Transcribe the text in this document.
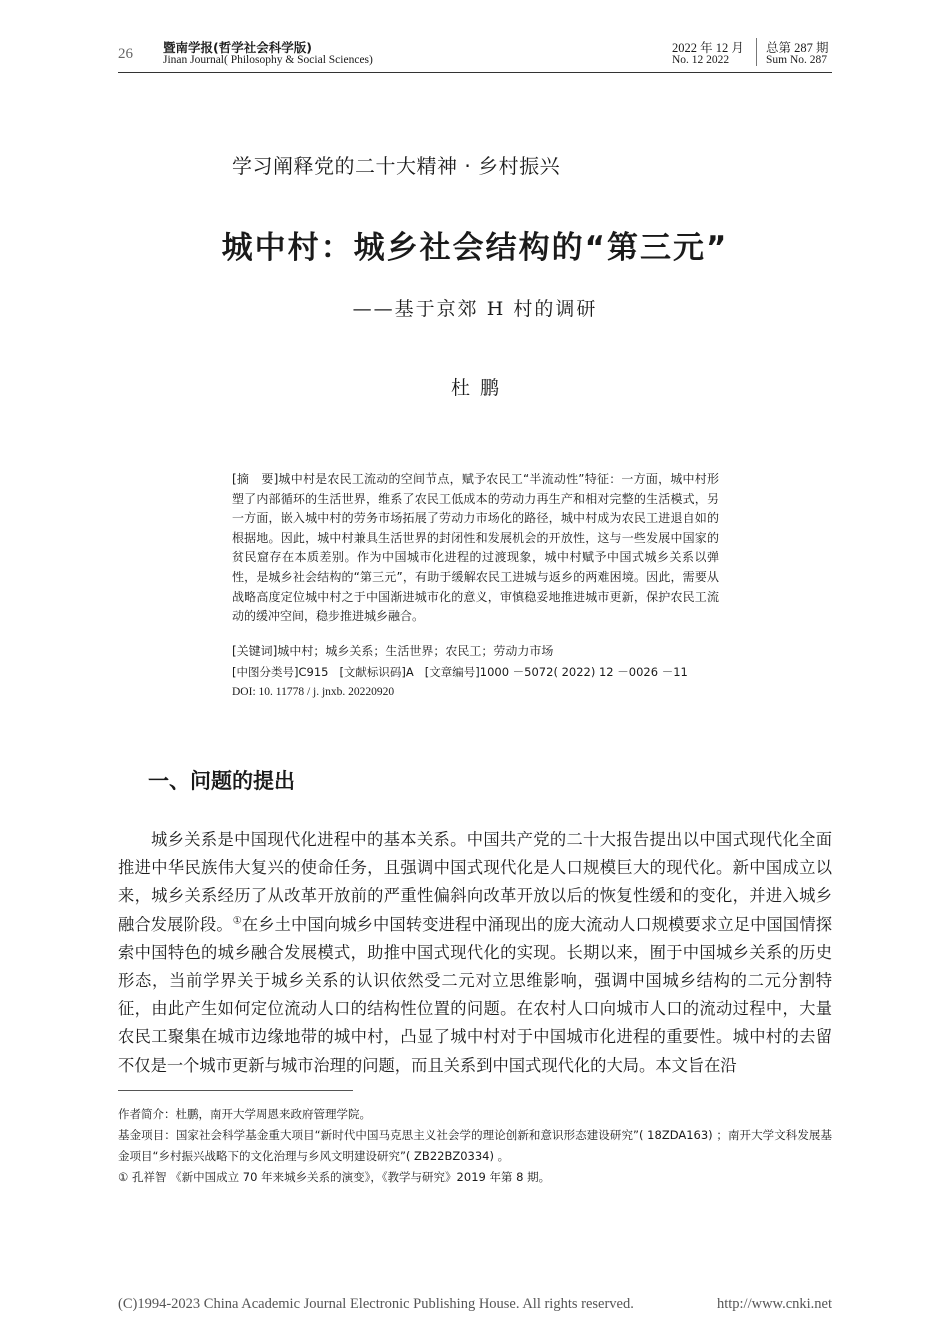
26 暨南学报(哲学社会科学版)
Jinan Journal( Philosophy & Social Sciences)
2022 年 12 月
No. 12 2022
总第 287 期
Sum No. 287
学习阐释党的二十大精神 · 乡村振兴
城中村：城乡社会结构的“第三元”
——基于京郊 H 村的调研
杜鹏
[摘　要]城中村是农民工流动的空间节点，赋予农民工“半流动性”特征：一方面，城中村形塑了内部循环的生活世界，维系了农民工低成本的劳动力再生产和相对完整的生活模式，另一方面，嵌入城中村的劳务市场拓展了劳动力市场化的路径，城中村成为农民工进退自如的根据地。因此，城中村兼具生活世界的封闭性和发展机会的开放性，这与一些发展中国家的贫民窟存在本质差别。作为中国城市化进程的过渡现象，城中村赋予中国式城乡关系以弹性，是城乡社会结构的“第三元”，有助于缓解农民工进城与返乡的两难困境。因此，需要从战略高度定位城中村之于中国渐进城市化的意义，审慎稳妥地推进城市更新，保护农民工流动的缓冲空间，稳步推进城乡融合。
[关键词]城中村；城乡关系；生活世界；农民工；劳动力市场
[中图分类号]C915 [文献标识码]A [文章编号]1000 －5072( 2022) 12 －0026 －11
DOI: 10. 11778 / j. jnxb. 20220920
一、问题的提出
城乡关系是中国现代化进程中的基本关系。中国共产党的二十大报告提出以中国式现代化全面推进中华民族伟大复兴的使命任务，且强调中国式现代化是人口规模巨大的现代化。新中国成立以来，城乡关系经历了从改革开放前的严重性偏斜向改革开放以后的恢复性缓和的变化，并进入城乡融合发展阶段。①在乡土中国向城乡中国转变进程中涌现出的庞大流动人口规模要求立足中国国情探索中国特色的城乡融合发展模式，助推中国式现代化的实现。长期以来，囿于中国城乡关系的历史形态，当前学界关于城乡关系的认识依然受二元对立思维影响，强调中国城乡结构的二元分割特征，由此产生如何定位流动人口的结构性位置的问题。在农村人口向城市人口的流动过程中，大量农民工聚集在城市边缘地带的城中村，凸显了城中村对于中国城市化进程的重要性。城中村的去留不仅是一个城市更新与城市治理的问题，而且关系到中国式现代化的大局。本文旨在沿

作者简介：杜鹏，南开大学周恩来政府管理学院。

基金项目：国家社会科学基金重大项目“新时代中国马克思主义社会学的理论创新和意识形态建设研究”( 18ZDA163) ；南开大学文科发展基金项目“乡村振兴战略下的文化治理与乡风文明建设研究”( ZB22BZ0334) 。

① 孔祥智 《新中国成立 70 年来城乡关系的演变》，《教学与研究》2019 年第 8 期。

(C)1994-2023 China Academic Journal Electronic Publishing House. All rights reserved.	http://www.cnki.net
